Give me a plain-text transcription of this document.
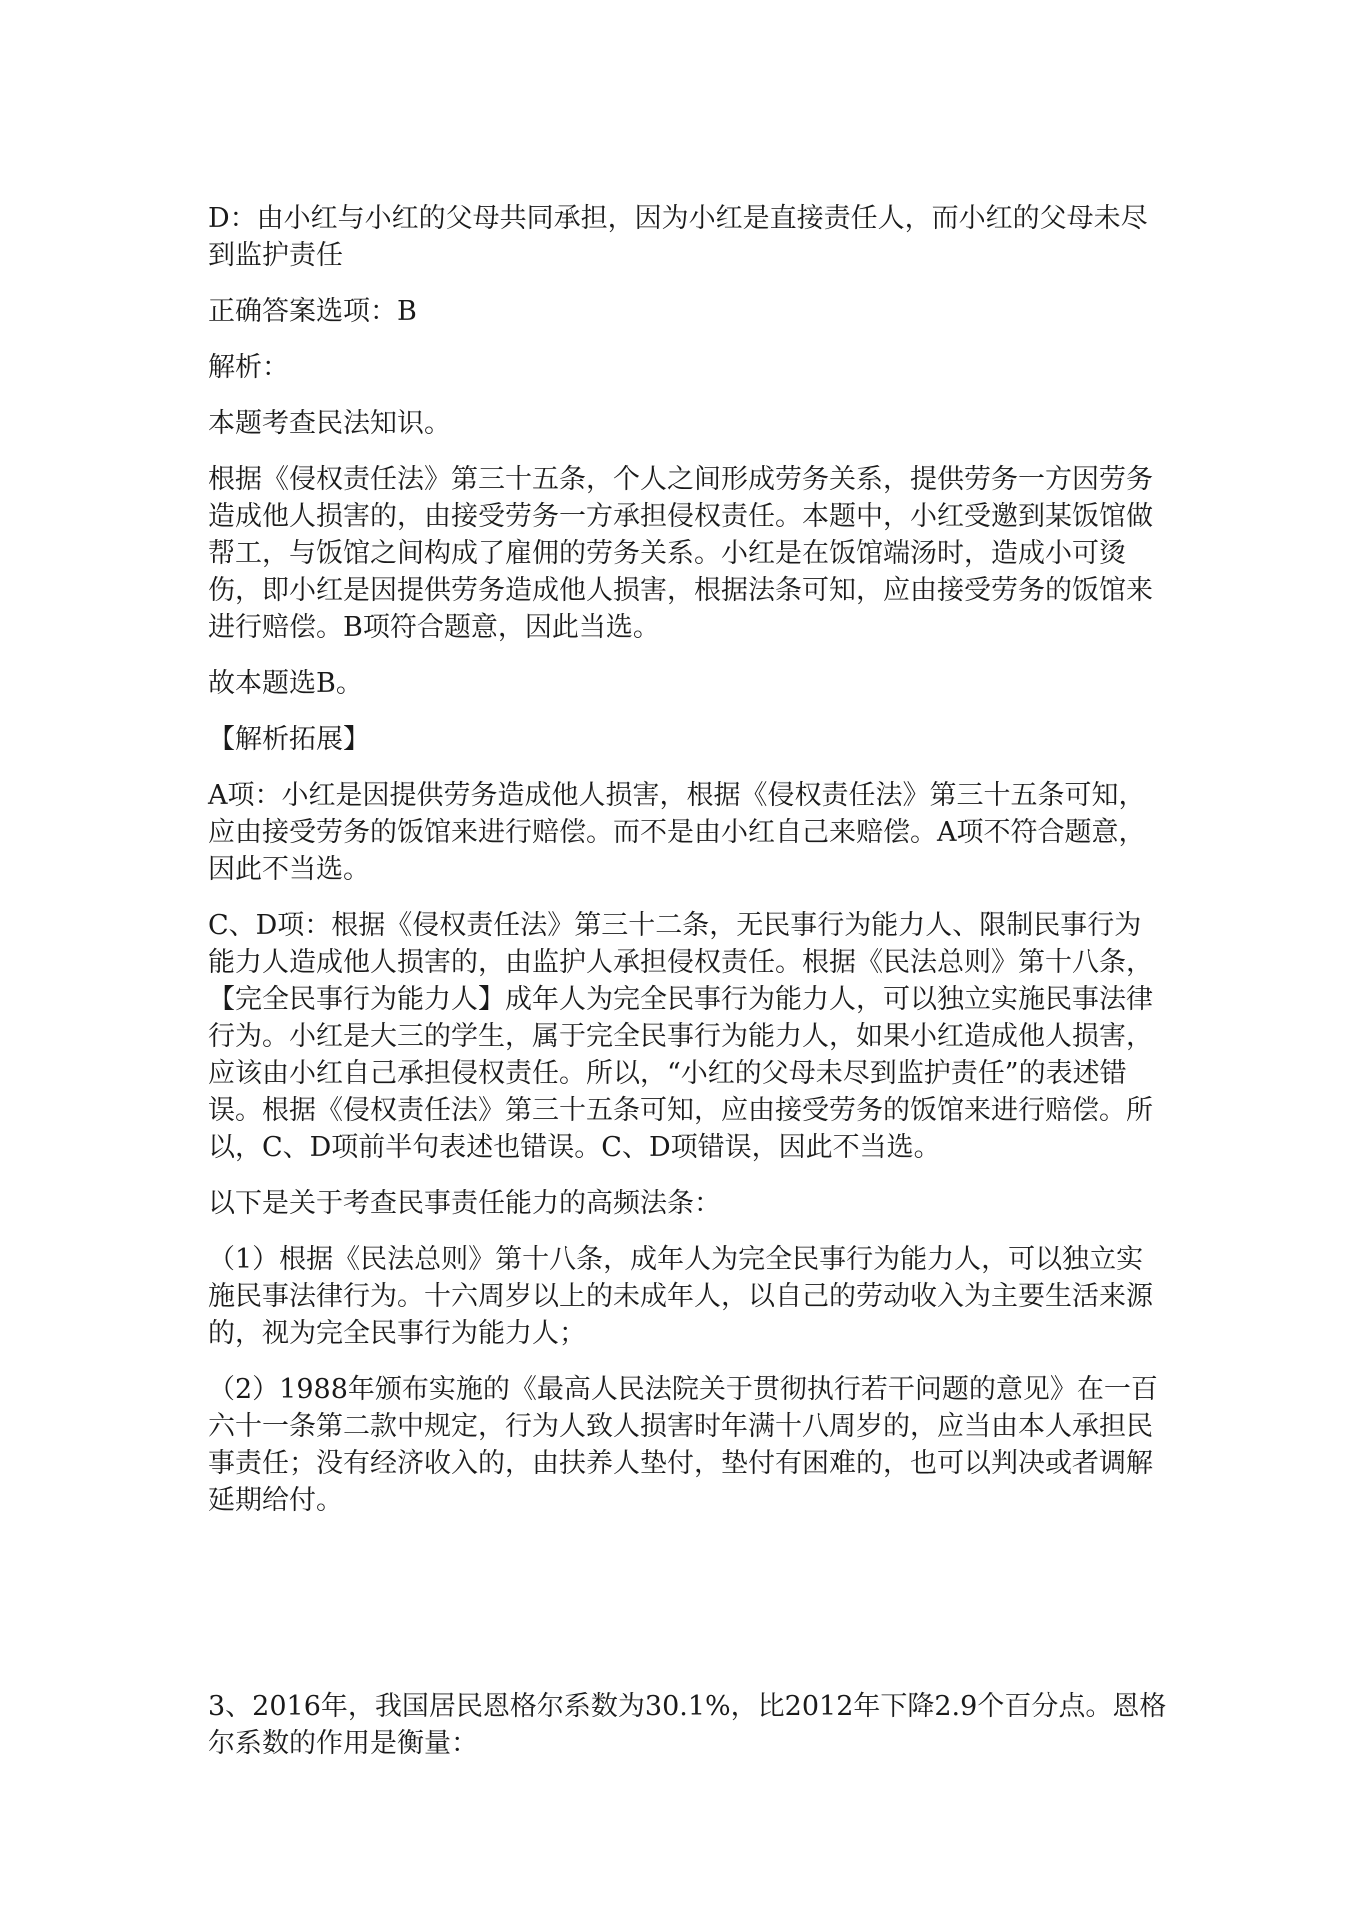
D：由小红与小红的父母共同承担，因为小红是直接责任人，而小红的父母未尽到监护责任

正确答案选项：B

解析：

本题考查民法知识。

根据《侵权责任法》第三十五条，个人之间形成劳务关系，提供劳务一方因劳务造成他人损害的，由接受劳务一方承担侵权责任。本题中，小红受邀到某饭馆做帮工，与饭馆之间构成了雇佣的劳务关系。小红是在饭馆端汤时，造成小可烫伤，即小红是因提供劳务造成他人损害，根据法条可知，应由接受劳务的饭馆来进行赔偿。B项符合题意，因此当选。

故本题选B。

【解析拓展】

A项：小红是因提供劳务造成他人损害，根据《侵权责任法》第三十五条可知，应由接受劳务的饭馆来进行赔偿。而不是由小红自己来赔偿。A项不符合题意，因此不当选。

C、D项：根据《侵权责任法》第三十二条，无民事行为能力人、限制民事行为能力人造成他人损害的，由监护人承担侵权责任。根据《民法总则》第十八条，【完全民事行为能力人】成年人为完全民事行为能力人，可以独立实施民事法律行为。小红是大三的学生，属于完全民事行为能力人，如果小红造成他人损害，应该由小红自己承担侵权责任。所以，“小红的父母未尽到监护责任”的表述错误。根据《侵权责任法》第三十五条可知，应由接受劳务的饭馆来进行赔偿。所以，C、D项前半句表述也错误。C、D项错误，因此不当选。

以下是关于考查民事责任能力的高频法条：

（1）根据《民法总则》第十八条，成年人为完全民事行为能力人，可以独立实施民事法律行为。十六周岁以上的未成年人，以自己的劳动收入为主要生活来源的，视为完全民事行为能力人；

（2）1988年颁布实施的《最高人民法院关于贯彻执行若干问题的意见》在一百六十一条第二款中规定，行为人致人损害时年满十八周岁的，应当由本人承担民事责任；没有经济收入的，由扶养人垫付，垫付有困难的，也可以判决或者调解延期给付。

3、2016年，我国居民恩格尔系数为30.1%，比2012年下降2.9个百分点。恩格尔系数的作用是衡量：
